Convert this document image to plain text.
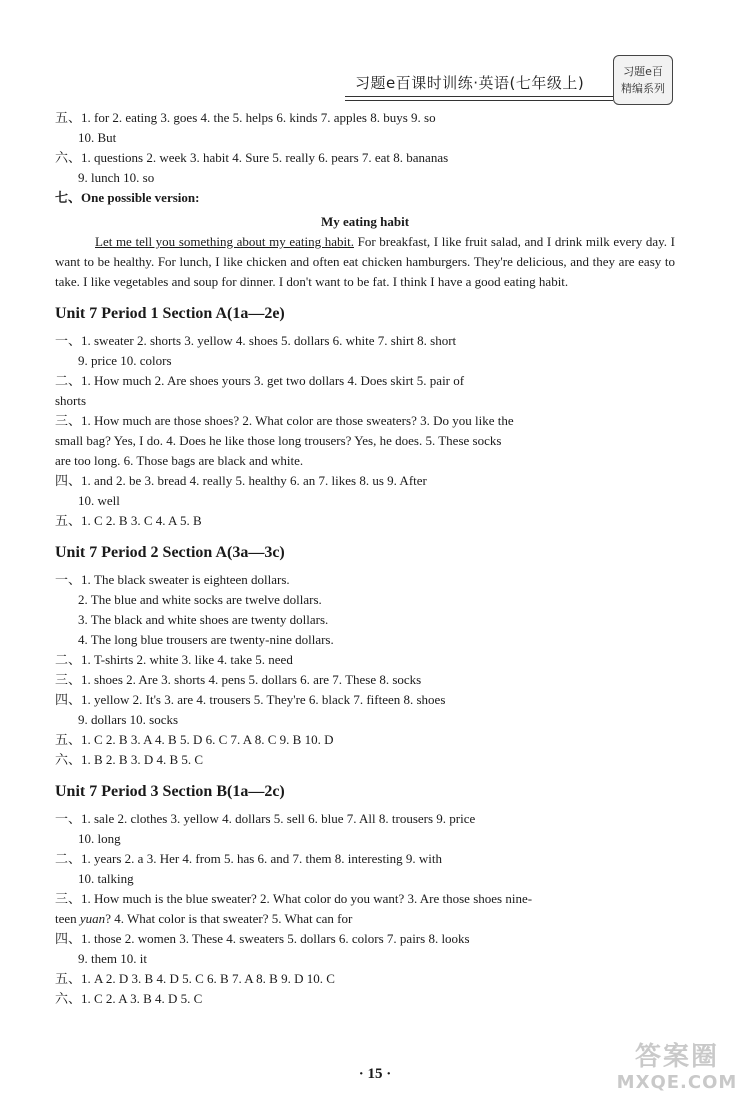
习题e百课时训练·英语(七年级上)
习题e百
精编系列
五、1. for 2. eating 3. goes 4. the 5. helps 6. kinds 7. apples 8. buys 9. so
10. But
六、1. questions 2. week 3. habit 4. Sure 5. really 6. pears 7. eat 8. bananas
9. lunch 10. so
七、One possible version:
My eating habit
Let me tell you something about my eating habit. For breakfast, I like fruit salad, and I drink milk every day. I want to be healthy. For lunch, I like chicken and often eat chicken hamburgers. They're delicious, and they are easy to take. I like vegetables and soup for dinner. I don't want to be fat. I think I have a good eating habit.
Unit 7 Period 1 Section A(1a—2e)
一、1. sweater 2. shorts 3. yellow 4. shoes 5. dollars 6. white 7. shirt 8. short
9. price 10. colors
二、1. How much 2. Are shoes yours 3. get two dollars 4. Does skirt 5. pair of
shorts
三、1. How much are those shoes? 2. What color are those sweaters? 3. Do you like the
small bag? Yes, I do. 4. Does he like those long trousers? Yes, he does. 5. These socks
are too long. 6. Those bags are black and white.
四、1. and 2. be 3. bread 4. really 5. healthy 6. an 7. likes 8. us 9. After
10. well
五、1. C 2. B 3. C 4. A 5. B
Unit 7 Period 2 Section A(3a—3c)
一、1. The black sweater is eighteen dollars.
2. The blue and white socks are twelve dollars.
3. The black and white shoes are twenty dollars.
4. The long blue trousers are twenty-nine dollars.
二、1. T-shirts 2. white 3. like 4. take 5. need
三、1. shoes 2. Are 3. shorts 4. pens 5. dollars 6. are 7. These 8. socks
四、1. yellow 2. It's 3. are 4. trousers 5. They're 6. black 7. fifteen 8. shoes
9. dollars 10. socks
五、1. C 2. B 3. A 4. B 5. D 6. C 7. A 8. C 9. B 10. D
六、1. B 2. B 3. D 4. B 5. C
Unit 7 Period 3 Section B(1a—2c)
一、1. sale 2. clothes 3. yellow 4. dollars 5. sell 6. blue 7. All 8. trousers 9. price
10. long
二、1. years 2. a 3. Her 4. from 5. has 6. and 7. them 8. interesting 9. with
10. talking
三、1. How much is the blue sweater? 2. What color do you want? 3. Are those shoes nine-
teen yuan? 4. What color is that sweater? 5. What can for
四、1. those 2. women 3. These 4. sweaters 5. dollars 6. colors 7. pairs 8. looks
9. them 10. it
五、1. A 2. D 3. B 4. D 5. C 6. B 7. A 8. B 9. D 10. C
六、1. C 2. A 3. B 4. D 5. C
· 15 ·
答案圈
MXQE.COM
